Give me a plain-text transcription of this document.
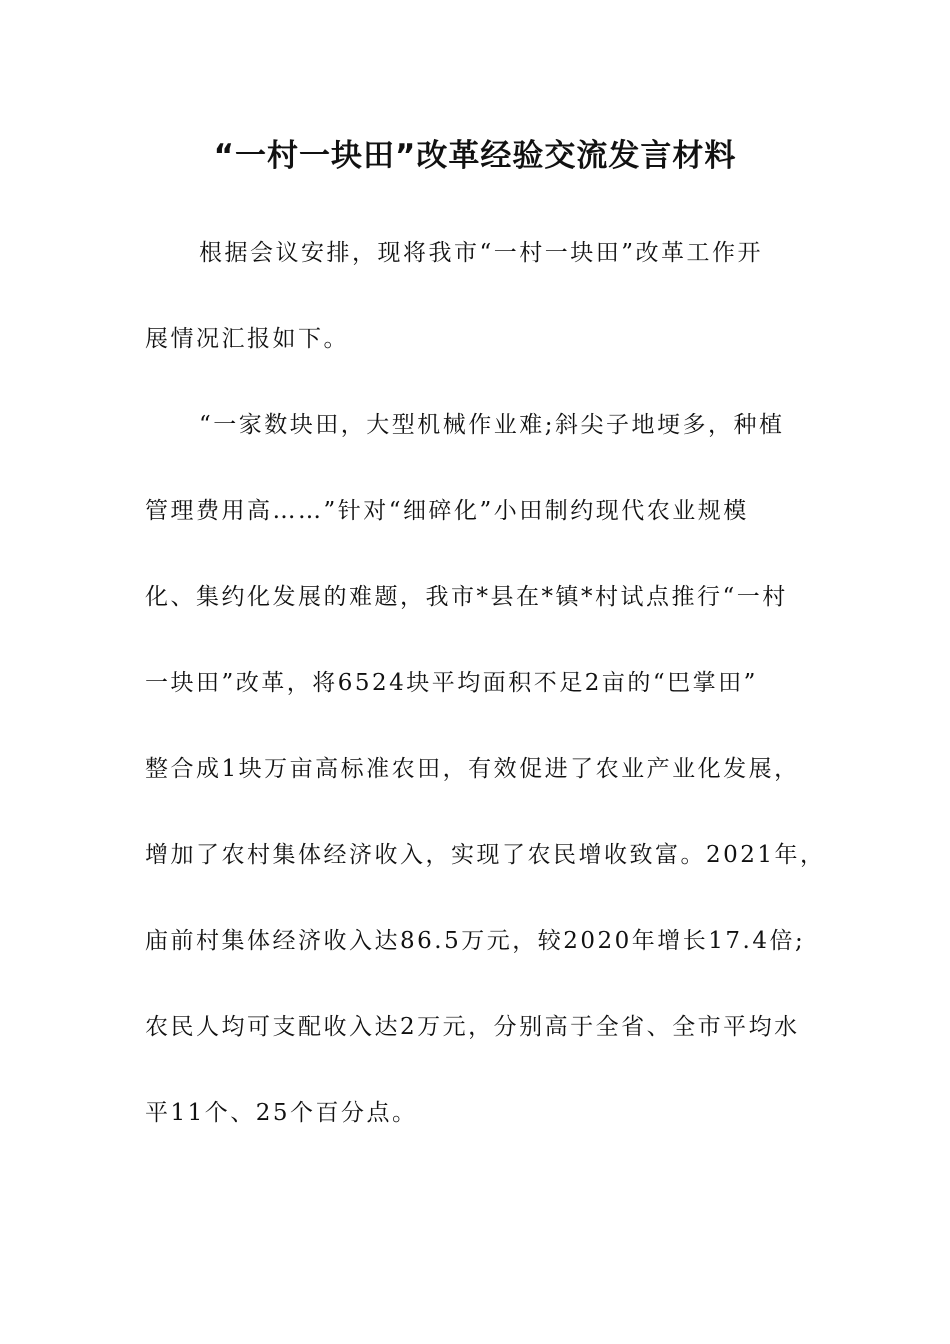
“一村一块田”改革经验交流发言材料
根据会议安排，现将我市“一村一块田”改革工作开
展情况汇报如下。
“一家数块田，大型机械作业难;斜尖子地埂多，种植
管理费用高……”针对“细碎化”小田制约现代农业规模
化、集约化发展的难题，我市*县在*镇*村试点推行“一村
一块田”改革，将6524块平均面积不足2亩的“巴掌田”
整合成1块万亩高标准农田，有效促进了农业产业化发展，
增加了农村集体经济收入，实现了农民增收致富。2021年，
庙前村集体经济收入达86.5万元，较2020年增长17.4倍;
农民人均可支配收入达2万元，分别高于全省、全市平均水
平11个、25个百分点。
